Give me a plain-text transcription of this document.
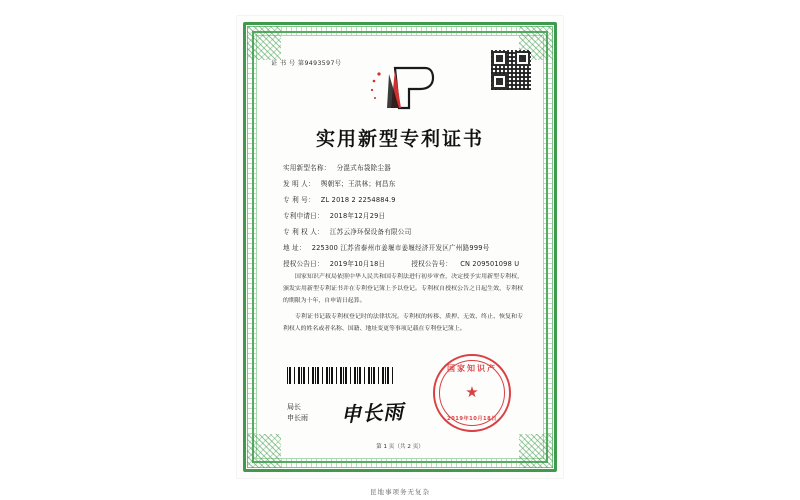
证 书 号 第9493597号
实用新型专利证书
实用新型名称： 分混式布袋除尘器
发 明 人： 舆朝军；王洪林；何昌东
专 利 号： ZL 2018 2 2254884.9
专利申请日： 2018年12月29日
专 利 权 人： 江苏云净环保设备有限公司
地 址： 225300 江苏省泰州市姜堰市姜堰经济开发区广州路999号
授权公告日： 2019年10月18日	授权公告号： CN 209501098 U

国家知识产权局依照中华人民共和国专利法进行初步审查，决定授予实用新型专利权，颁发实用新型专利证书并在专利登记簿上予以登记。专利权自授权公告之日起生效，专利权的期限为十年，自申请日起算。

专利证书记载专利权登记时的法律状况。专利权的转移、质押、无效、终止、恢复和专利权人的姓名或者名称、国籍、地址变更等事项记载在专利登记簿上。

局长
申长雨 申长雨
国家知识产
★
2019年10月18日
第 1 页（共 2 页）
昆地事项务无复杂
